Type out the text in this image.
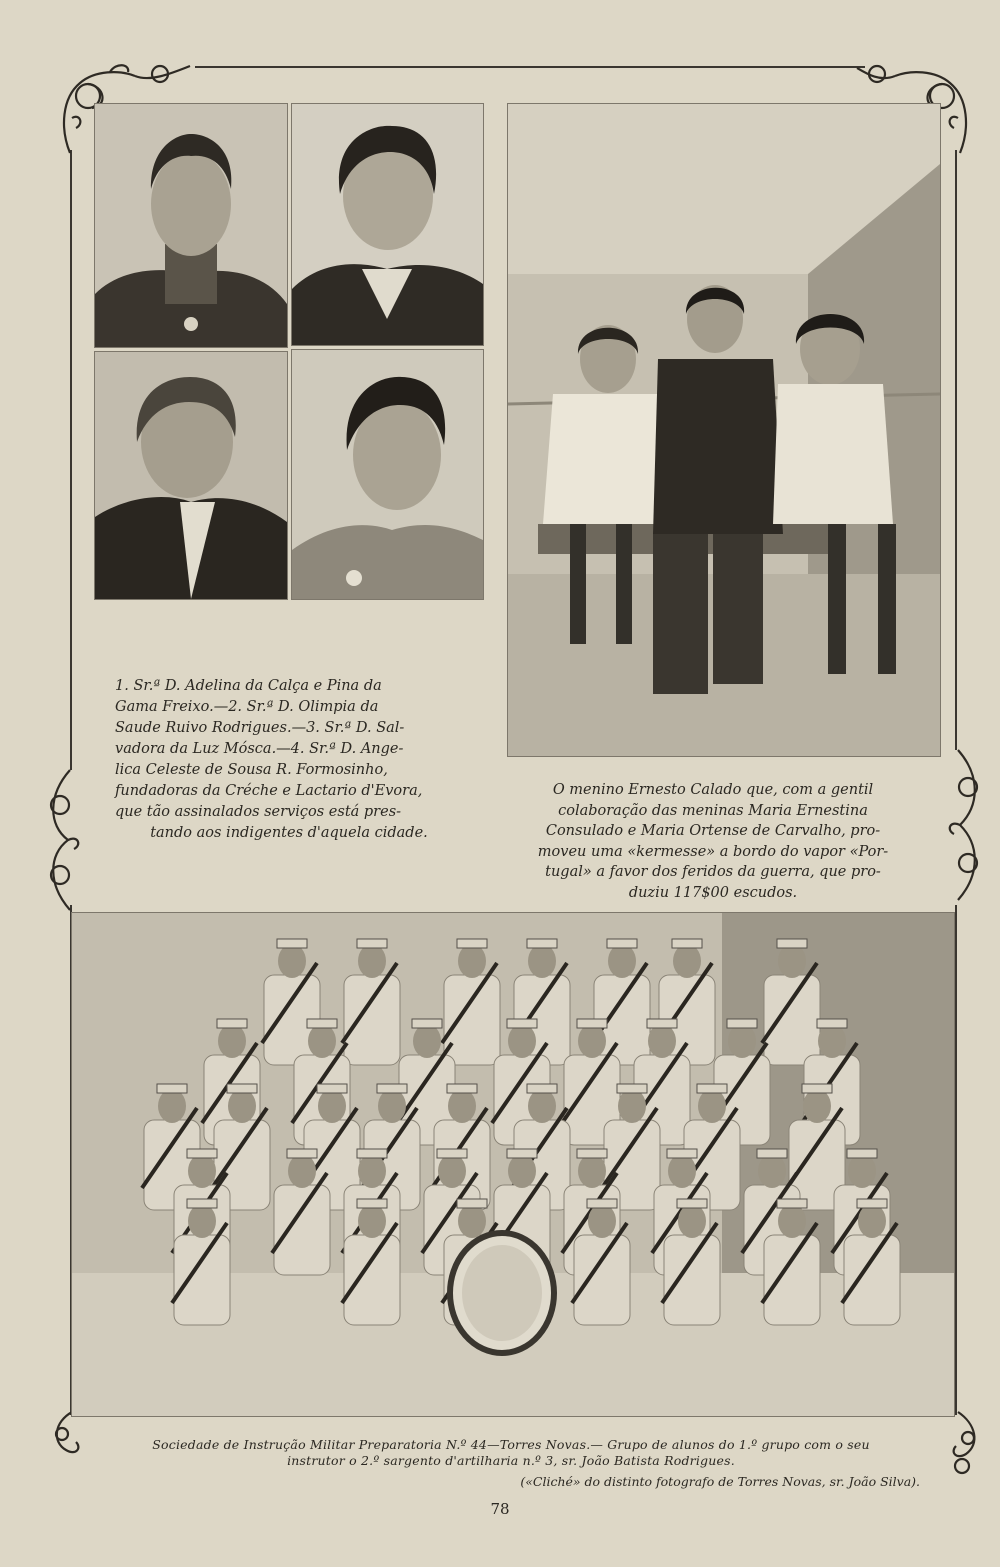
1. Sr.ª D. Adelina da Calça e Pina da

Gama Freixo.—2. Sr.ª D. Olimpia da

Saude Ruivo Rodrigues.—3. Sr.ª D. Sal-

vadora da Luz Mósca.—4. Sr.ª D. Ange-

lica Celeste de Sousa R. Formosinho,

fundadoras da Créche e Lactario d'Evora,

que tão assinalados serviços está pres-

tando aos indigentes d'aquela cidade.

O menino Ernesto Calado que, com a gentil

colaboração das meninas Maria Ernestina

Consulado e Maria Ortense de Carvalho, pro-

moveu uma «kermesse» a bordo do vapor «Por-

tugal» a favor dos feridos da guerra, que pro-

duziu 117$00 escudos.

Sociedade de Instrução Militar Preparatoria N.º 44—Torres Novas.— Grupo de alunos do 1.º grupo com o seu

instrutor o 2.º sargento d'artilharia n.º 3, sr. João Batista Rodrigues.

(«Cliché» do distinto fotografo de Torres Novas, sr. João Silva).
78
